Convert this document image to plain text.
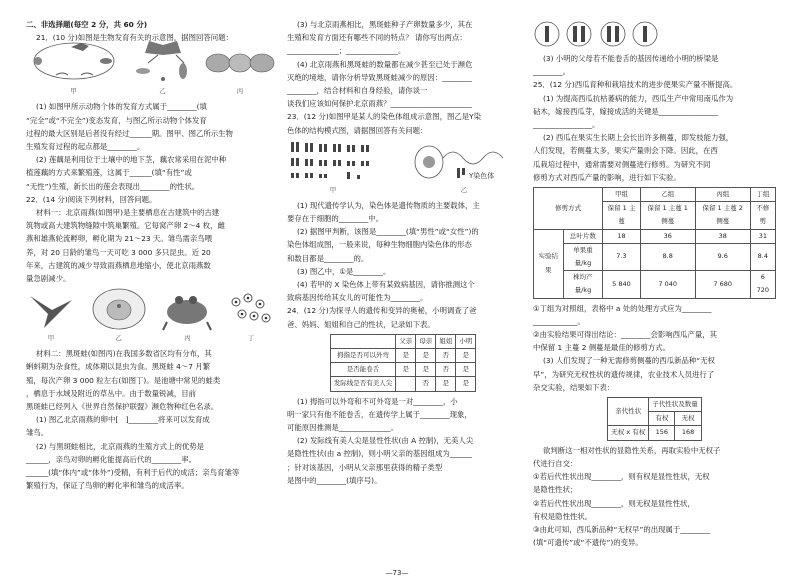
二、非选择题(每空 2 分，共 60 分)

21．(10 分)如图是生物发育有关的示意图，据图回答问题：

甲	乙	丙

(1) 如图甲所示动物个体的发育方式属于________(填

“完全”或“不完全”)变态发育，与图乙所示动物个体发育

过程的最大区别是后者没有经过______期。图甲、图乙所示生物

生殖发育过程的起点都是________。

(2) 莲藕是利用位于土壤中的地下茎，藕农常采用在泥中种

植莲藕的方式来繁殖莲，这属于______(填“有性”或

“无性”)生殖，新长出的莲会表现出________的性状。

22．(14 分)阅读下列材料，回答问题。

材料一：北京雨燕(如图甲)是主要栖息在古建筑中的古建

筑物或高大建筑物缝隙中筑巢繁殖。它每窝产卵 2～4 枚，雌

燕和雄燕轮流孵卵，孵化期为 21～23 天。雏鸟需亲鸟喂

养，对 20 日龄的雏鸟一天可吃 3 000 多只昆虫。近 20

年来，古建筑的减少导致雨燕栖息地缩小，使北京雨燕数

量急剧减少。

甲	乙	丙	丁

材料二：黑斑蛙(如图丙)在我国多数省区均有分布，其

蝌蚪期为杂食性，成体期以昆虫为食。黑斑蛙 4～7 月繁

殖，每次产卵 3 000 粒左右(如图丁)。是池塘中常见的蛙类

，栖息于水域及附近的草丛中。由于数量锐减，目前

黑斑蛙已经列入《世界自然保护联盟》濒危物种红色名录。

(1) 图乙北京雨燕的卵中[　]________将来可以发育成

雏鸟。

(2) 与黑斑蛙相比，北京雨燕的生殖方式上的优势是

______，亲鸟对卵的孵化能提高后代的________率。

______(填“体内”或“体外”)受精，有利于后代的成活；亲鸟育雏等

繁殖行为，保证了鸟卵的孵化率和雏鸟的成活率。

(3) 与北京雨燕相比，黑斑蛙种子产卵数量多少，其在

生殖和发育方面还有哪些不同的特点？ 请你写出两点：

______________；______________。

(4) 北京雨燕和黑斑蛙的数量都在减少甚至已处于濒危

灭绝的境地，请你分析导致黑斑蛙减少的原因：________

________，结合材料和自身经验，请你谈一

谈我们应该如何保护北京雨燕？______________________

23．(12 分)如图甲是某人的染色体组成示意图，图乙是Y染

色体的结构模式图，请据图回答有关问题：

甲
Y染色体
乙

(1) 现代遗传学认为，染色体是遗传物质的主要载体，主

要存在于细胞的________中。

(2) 据图甲判断，该图是________(填“男性”或“女性”)的

染色体组成图，一般来说，每种生物细胞内染色体的形态

和数目都是________的。

(3) 图乙中，①是________。

(4) 若甲的 X 染色体上带有某致病基因，请你推测这个

致病基因传给其女儿的可能性为________。

24．(12 分)为探寻人的遗传和变异的奥秘，小明调查了爸

爸、妈妈、姐姐和自己的性状，记录如下表。

	父亲	母亲	姐姐	小明
拇指是否可以外弯	是	是	否	是
是否能卷舌	是	是	否	是
发际线是否有美人尖		否	是	是

(1) 拇指可以外弯和不可外弯是一对________，小

明一家只有他不能卷舌，在遗传学上属于________现象，

可能原因推测是______________。

(2) 发际线有美人尖是显性性状(由 A 控制)，无美人尖

是隐性性状(由 a 控制)，则小明父亲的基因组成为______

；针对该基因，小明从父亲那里获得的精子类型

是图中的________(填序号)。

(3) 小明的父母若不能卷舌的基因传递给小明的桥梁是

________。

25．(12 分)西瓜育种和栽培技术的进步使果实产量不断提高。

(1) 为提高西瓜抗枯萎病的能力，西瓜生产中常用南瓜作为

砧木，嫁接西瓜芽，嫁接成活的关键是________________

________________。

(2) 西瓜在果实生长期上会长出许多侧蔓，即发枝能力强，

人们发现，若侧蔓太多，果实产量则会下降。因此，在西

瓜栽培过程中，通常需要对侧蔓进行修剪。为研究不同

修剪方式对西瓜产量的影响，进行如下实验。

修剪方式		甲组	乙组	丙组	丁组
		保留 1 主蔓	保留 1 主蔓 1 侧蔓	保留 1 主蔓 2 侧蔓	不修剪
实验结果	总叶片数	18	36	38	31
	单果重量/kg	7.3	8.8	9.6	8.4
	株均产量/kg	5 840	7 040	7 680	6 720

①丁组为对照组，表格中 a 处的处理方式应为________

____________。

②由实验结果可得出结论：________会影响西瓜产量，其

中保留 1 主蔓 2 侧蔓是最佳的修剪方式。

(3) 人们发现了一种无需修剪侧蔓的西瓜新品种“无权

早”，为研究无权性状的遗传规律，农业技术人员进行了

杂交实验，结果如下表：

亲代性状	子代性状及数量	
	有权	无权
无权 x 有权	156	168

欲判断这一相对性状的显隐性关系，再取实验中无权子

代进行自交：

①若后代性状出现________，则有权是显性性状，无权

是隐性性状；

②若后代性状出现________，则无权是显性性状，

有权是隐性性状。

③由此可知，西瓜新品种“无权早”的出现属于________

(填“可遗传”或“不遗传”)的变异。

—73—
